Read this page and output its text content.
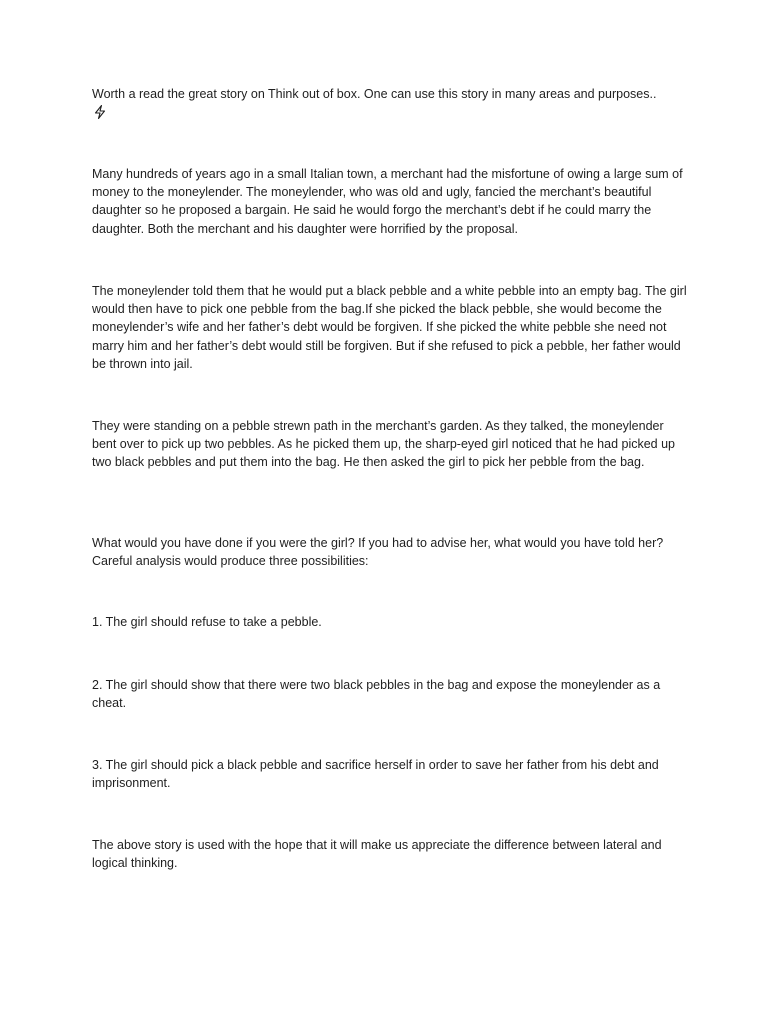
Worth a read the great story on Think out of box. One can use this story in many areas and purposes..

Many hundreds of years ago in a small Italian town, a merchant had the misfortune of owing a large sum of money to the moneylender. The moneylender, who was old and ugly, fancied the merchant’s beautiful daughter so he proposed a bargain. He said he would forgo the merchant’s debt if he could marry the daughter. Both the merchant and his daughter were horrified by the proposal.

The moneylender told them that he would put a black pebble and a white pebble into an empty bag. The girl would then have to pick one pebble from the bag.If she picked the black pebble, she would become the moneylender’s wife and her father’s debt would be forgiven. If she picked the white pebble she need not marry him and her father’s debt would still be forgiven. But if she refused to pick a pebble, her father would be thrown into jail.

They were standing on a pebble strewn path in the merchant’s garden. As they talked, the moneylender bent over to pick up two pebbles. As he picked them up, the sharp-eyed girl noticed that he had picked up two black pebbles and put them into the bag. He then asked the girl to pick her pebble from the bag.

What would you have done if you were the girl? If you had to advise her, what would you have told her? Careful analysis would produce three possibilities:

1. The girl should refuse to take a pebble.

2. The girl should show that there were two black pebbles in the bag and expose the moneylender as a cheat.

3. The girl should pick a black pebble and sacrifice herself in order to save her father from his debt and imprisonment.

The above story is used with the hope that it will make us appreciate the difference between lateral and logical thinking.
